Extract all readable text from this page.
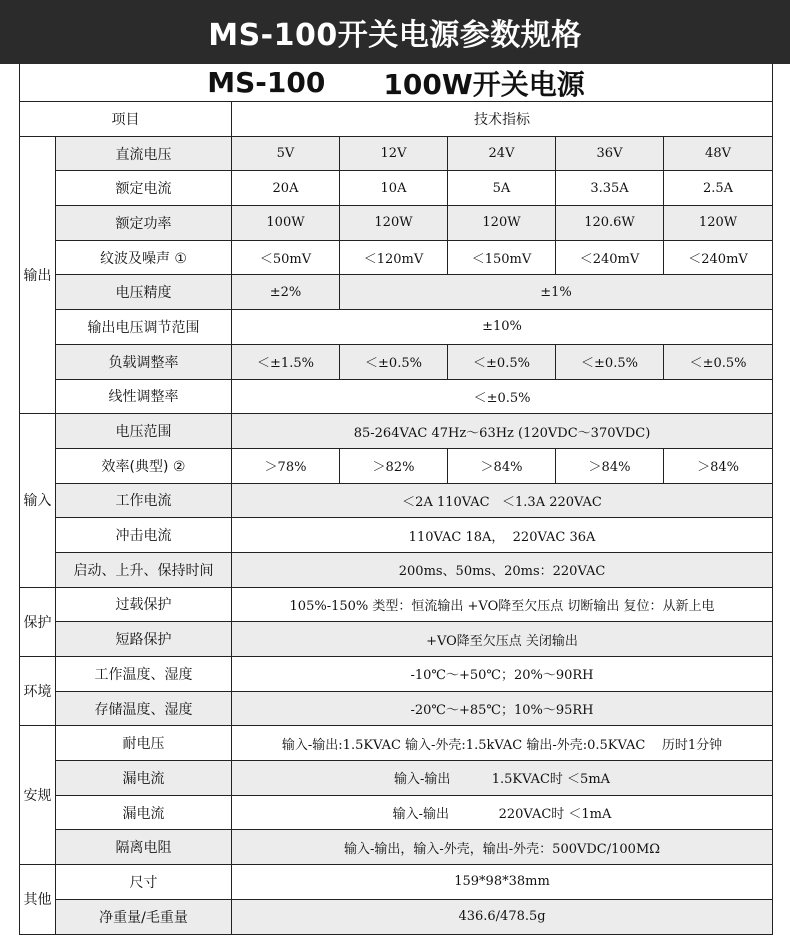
MS-100开关电源参数规格
MS-100 100W开关电源
项目		技术指标				
输出	直流电压	5V	12V	24V	36V	48V
	额定电流	20A	10A	5A	3.35A	2.5A
	额定功率	100W	120W	120W	120.6W	120W
	纹波及噪声 ①	＜50mV	＜120mV	＜150mV	＜240mV	＜240mV
	电压精度	±2%	±1%			
	输出电压调节范围	±10%				
	负载调整率	＜±1.5%	＜±0.5%	＜±0.5%	＜±0.5%	＜±0.5%
	线性调整率	＜±0.5%				
输入	电压范围	85-264VAC 47Hz～63Hz (120VDC～370VDC)				
	效率(典型) ②	＞78%	＞82%	＞84%	＞84%	＞84%
	工作电流	＜2A 110VAC   ＜1.3A 220VAC				
	冲击电流	110VAC 18A，  220VAC 36A				
	启动、上升、保持时间	200ms、50ms、20ms：220VAC				
保护	过载保护	105%-150% 类型：恒流输出 +VO降至欠压点 切断输出 复位：从新上电				
	短路保护	+VO降至欠压点 关闭输出				
环境	工作温度、湿度	-10℃～+50℃；20%～90RH				
	存储温度、湿度	-20℃～+85℃；10%～95RH				
安规	耐电压	输入-输出:1.5KVAC 输入-外壳:1.5kVAC 输出-外壳:0.5KVAC    历时1分钟				
	漏电流	输入-输出          1.5KVAC时 ＜5mA				
	漏电流	输入-输出            220VAC时 ＜1mA				
	隔离电阻	输入-输出，输入-外壳，输出-外壳：500VDC/100MΩ				
其他	尺寸	159*98*38mm				
	净重量/毛重量	436.6/478.5g				
